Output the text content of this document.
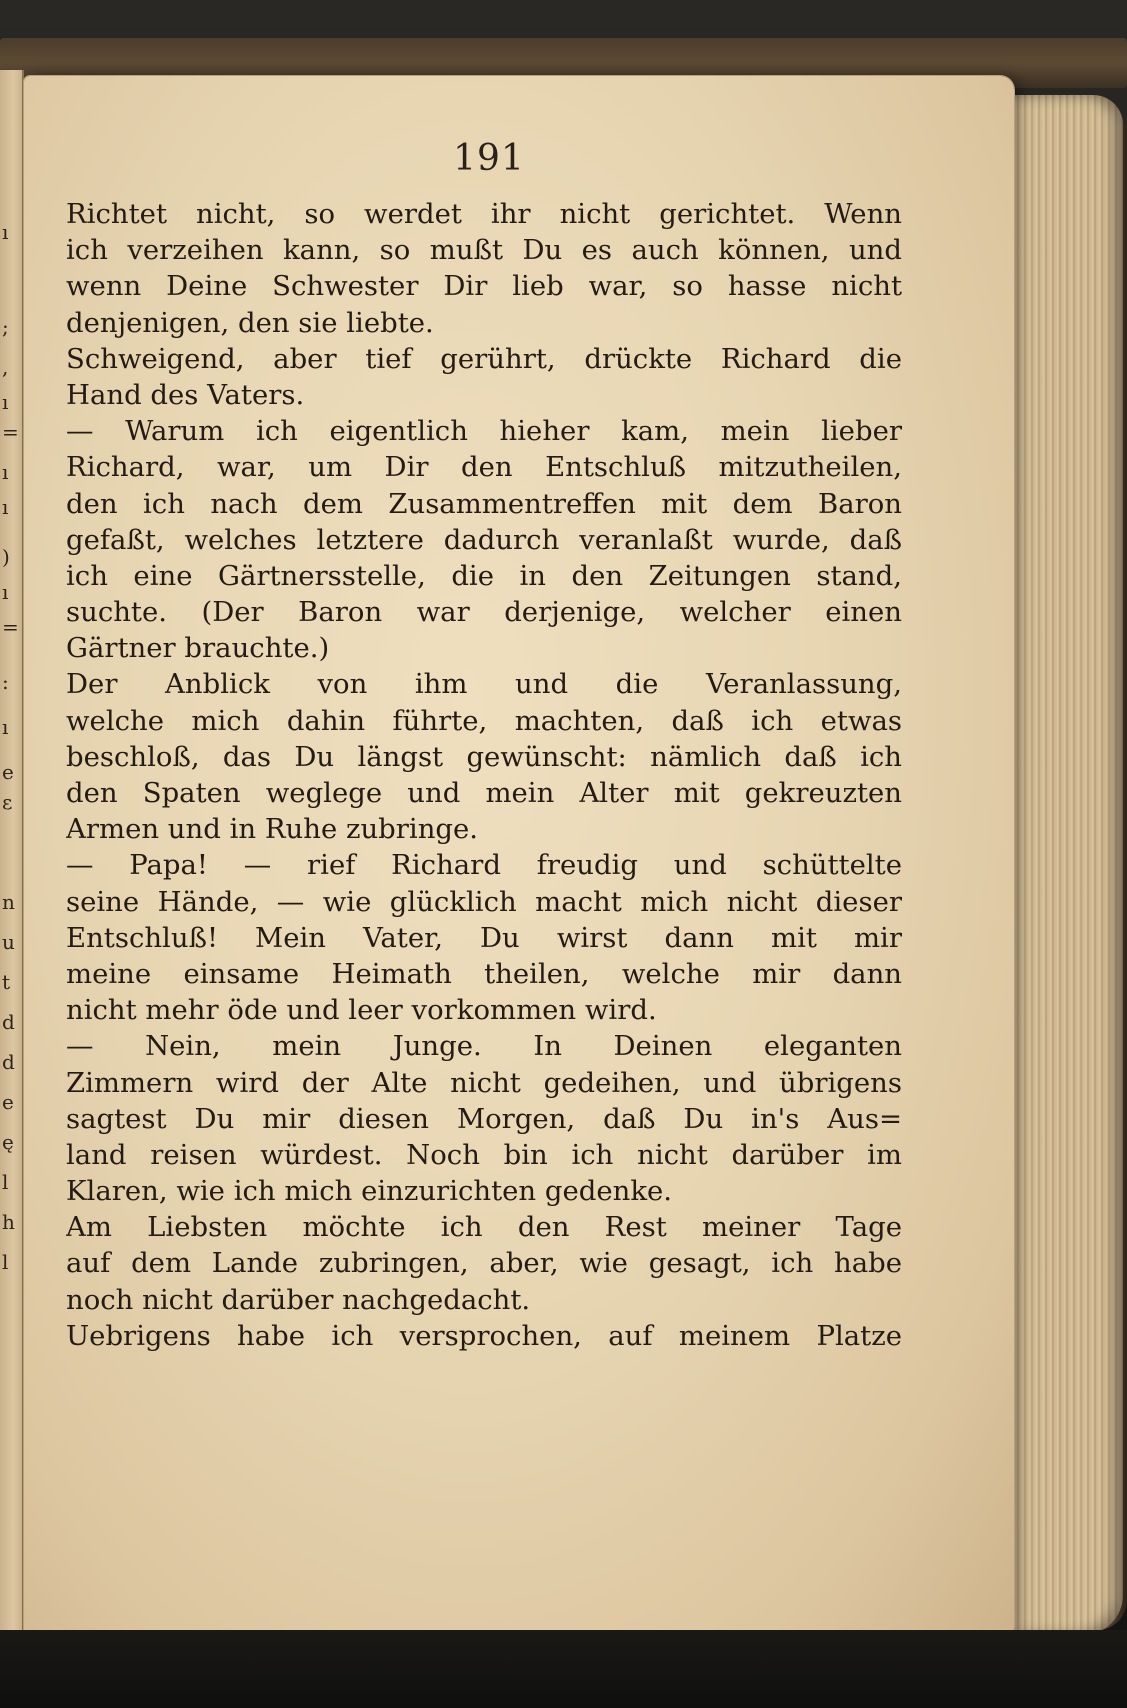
ı
;
,
ı
=
ı
ı
)
ı
=
:
ı
e
ε
n
u
t
d
d
e
ę
l
h
l
191
Richtet nicht, so werdet ihr nicht gerichtet. Wenn
ich verzeihen kann, so mußt Du es auch können, und
wenn Deine Schwester Dir lieb war, so hasse nicht
denjenigen, den sie liebte.
Schweigend, aber tief gerührt, drückte Richard die
Hand des Vaters.
— Warum ich eigentlich hieher kam, mein lieber
Richard, war, um Dir den Entschluß mitzutheilen,
den ich nach dem Zusammentreffen mit dem Baron
gefaßt, welches letztere dadurch veranlaßt wurde, daß
ich eine Gärtnersstelle, die in den Zeitungen stand,
suchte. (Der Baron war derjenige, welcher einen
Gärtner brauchte.)
Der Anblick von ihm und die Veranlassung,
welche mich dahin führte, machten, daß ich etwas
beschloß, das Du längst gewünscht: nämlich daß ich
den Spaten weglege und mein Alter mit gekreuzten
Armen und in Ruhe zubringe.
— Papa! — rief Richard freudig und schüttelte
seine Hände, — wie glücklich macht mich nicht dieser
Entschluß! Mein Vater, Du wirst dann mit mir
meine einsame Heimath theilen, welche mir dann
nicht mehr öde und leer vorkommen wird.
— Nein, mein Junge. In Deinen eleganten
Zimmern wird der Alte nicht gedeihen, und übrigens
sagtest Du mir diesen Morgen, daß Du in's Aus=
land reisen würdest. Noch bin ich nicht darüber im
Klaren, wie ich mich einzurichten gedenke.
Am Liebsten möchte ich den Rest meiner Tage
auf dem Lande zubringen, aber, wie gesagt, ich habe
noch nicht darüber nachgedacht.
Uebrigens habe ich versprochen, auf meinem Platze
